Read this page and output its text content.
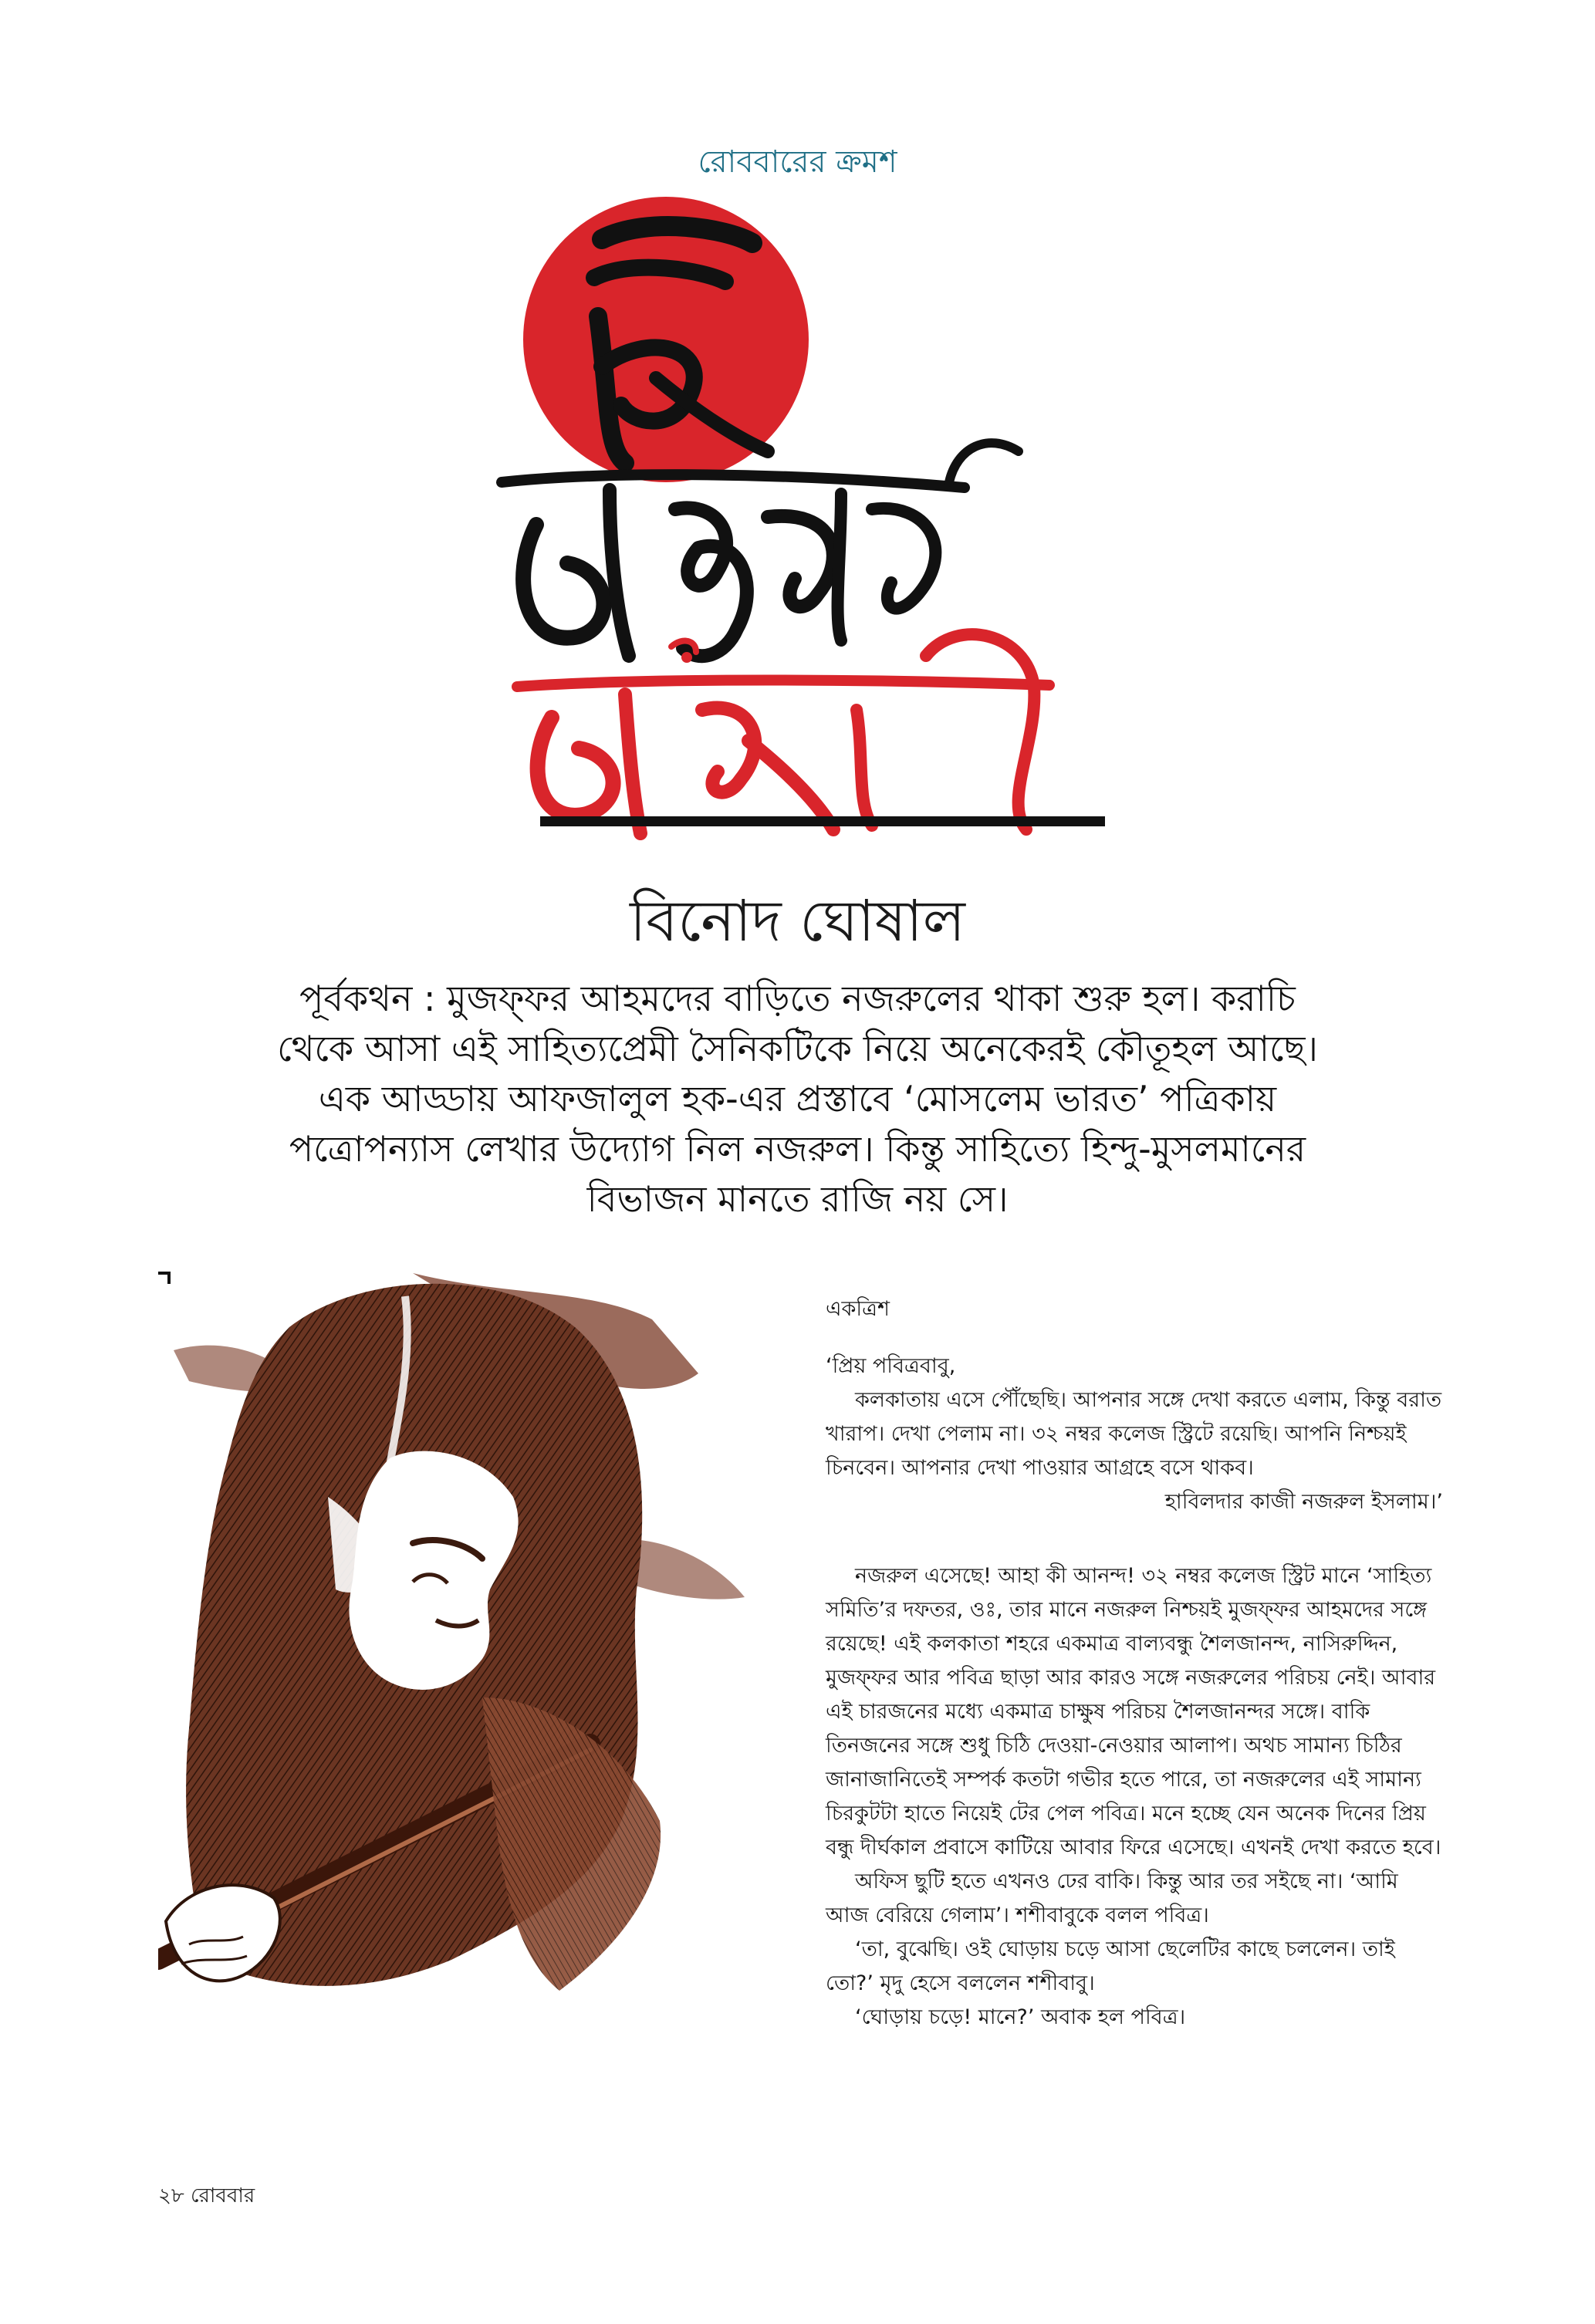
রোববারের ক্রমশ
বিনোদ ঘোষাল
পূর্বকথন : মুজফ্ফর আহমদের বাড়িতে নজরুলের থাকা শুরু হল। করাচি
থেকে আসা এই সাহিত্যপ্রেমী সৈনিকটিকে নিয়ে অনেকেরই কৌতূহল আছে।
এক আড্ডায় আফজালুল হক-এর প্রস্তাবে ‘মোসলেম ভারত’ পত্রিকায়
পত্রোপন্যাস লেখার উদ্যোগ নিল নজরুল। কিন্তু সাহিত্যে হিন্দু-মুসলমানের
বিভাজন মানতে রাজি নয় সে।
একত্রিশ

‘প্রিয় পবিত্রবাবু,

কলকাতায় এসে পৌঁছেছি। আপনার সঙ্গে দেখা করতে এলাম, কিন্তু বরাত খারাপ। দেখা পেলাম না। ৩২ নম্বর কলেজ স্ট্রিটে রয়েছি। আপনি নিশ্চয়ই চিনবেন। আপনার দেখা পাওয়ার আগ্রহে বসে থাকব।

হাবিলদার কাজী নজরুল ইসলাম।’

নজরুল এসেছে! আহা কী আনন্দ! ৩২ নম্বর কলেজ স্ট্রিট মানে ‘সাহিত্য সমিতি’র দফতর, ওঃ, তার মানে নজরুল নিশ্চয়ই মুজফ্ফর আহমদের সঙ্গে রয়েছে! এই কলকাতা শহরে একমাত্র বাল্যবন্ধু শৈলজানন্দ, নাসিরুদ্দিন, মুজফ্ফর আর পবিত্র ছাড়া আর কারও সঙ্গে নজরুলের পরিচয় নেই। আবার এই চারজনের মধ্যে একমাত্র চাক্ষুষ পরিচয় শৈলজানন্দর সঙ্গে। বাকি তিনজনের সঙ্গে শুধু চিঠি দেওয়া-নেওয়ার আলাপ। অথচ সামান্য চিঠির জানাজানিতেই সম্পর্ক কতটা গভীর হতে পারে, তা নজরুলের এই সামান্য চিরকুটটা হাতে নিয়েই টের পেল পবিত্র। মনে হচ্ছে যেন অনেক দিনের প্রিয় বন্ধু দীর্ঘকাল প্রবাসে কাটিয়ে আবার ফিরে এসেছে। এখনই দেখা করতে হবে।

অফিস ছুটি হতে এখনও ঢের বাকি। কিন্তু আর তর সইছে না। ‘আমি আজ বেরিয়ে গেলাম’। শশীবাবুকে বলল পবিত্র।

‘তা, বুঝেছি। ওই ঘোড়ায় চড়ে আসা ছেলেটির কাছে চললেন। তাই তো?’ মৃদু হেসে বললেন শশীবাবু।

‘ঘোড়ায় চড়ে! মানে?’ অবাক হল পবিত্র।

২৮ রোববার
